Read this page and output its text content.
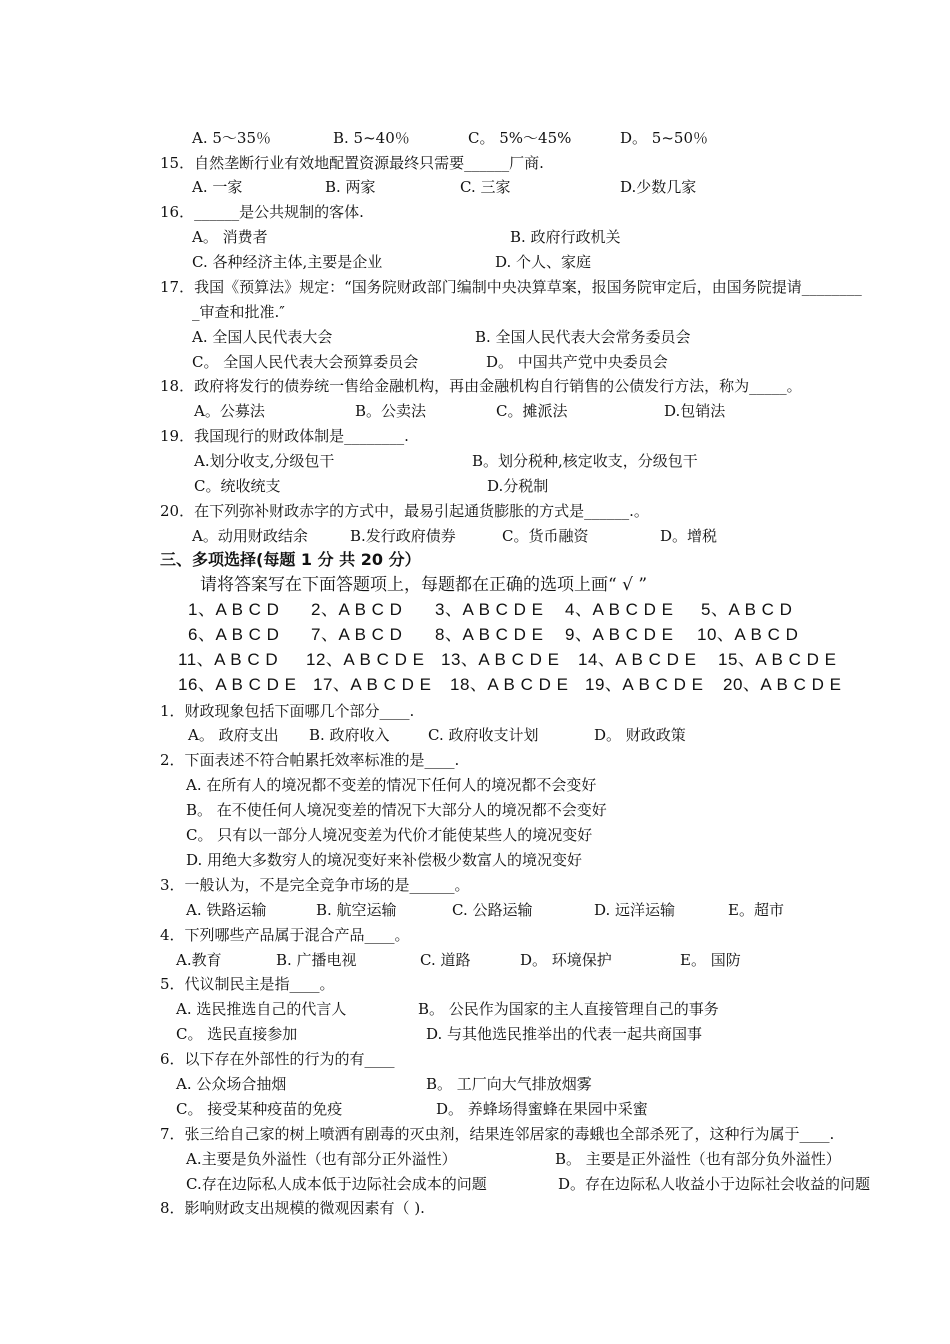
A. 5～35％	B. 5~40％	C。 5%～45%	D。 5~50％
15．自然垄断行业有效地配置资源最终只需要______厂商.
A. 一家	B. 两家	C. 三家	D.少数几家
16．______是公共规制的客体.
A。 消费者	B. 政府行政机关
C. 各种经济主体,主要是企业	D. 个人、家庭
17．我国《预算法》规定：“国务院财政部门编制中央决算草案，报国务院审定后，由国务院提请________
_审查和批准.″
A. 全国人民代表大会	B. 全国人民代表大会常务委员会
C。 全国人民代表大会预算委员会	D。 中国共产党中央委员会
18．政府将发行的债券统一售给金融机构，再由金融机构自行销售的公债发行方法，称为_____。
A。公募法	B。公卖法	C。摊派法	D.包销法
19．我国现行的财政体制是________.
A.划分收支,分级包干	B。划分税种,核定收支，分级包干
C。统收统支	D.分税制
20．在下列弥补财政赤字的方式中，最易引起通货膨胀的方式是______.。
A。动用财政结余	B.发行政府债券	C。货币融资	D。增税
三、多项选择(每题 1 分 共 20 分）
请将答案写在下面答题项上，每题都在正确的选项上画“ √ ”
1、A B C D 2、A B C D 3、A B C D E 4、A B C D E 5、A B C D
6、A B C D 7、A B C D 8、A B C D E 9、A B C D E 10、A B C D
11、A B C D 12、A B C D E 13、A B C D E 14、A B C D E 15、A B C D E
16、A B C D E 17、A B C D E 18、A B C D E 19、A B C D E 20、A B C D E
1．财政现象包括下面哪几个部分____.
A。 政府支出 B. 政府收入	C. 政府收支计划	D。 财政政策
2．下面表述不符合帕累托效率标准的是____.
A. 在所有人的境况都不变差的情况下任何人的境况都不会变好
B。 在不使任何人境况变差的情况下大部分人的境况都不会变好
C。 只有以一部分人境况变差为代价才能使某些人的境况变好
D. 用绝大多数穷人的境况变好来补偿极少数富人的境况变好
3．一般认为，不是完全竞争市场的是______。
A. 铁路运输	B. 航空运输	C. 公路运输	D. 远洋运输	E。超市
4．下列哪些产品属于混合产品____。
A.教育	B. 广播电视	C. 道路	D。 环境保护	E。 国防
5．代议制民主是指____。
A. 选民推选自己的代言人	B。 公民作为国家的主人直接管理自己的事务
C。 选民直接参加	D. 与其他选民推举出的代表一起共商国事
6．以下存在外部性的行为的有____
A. 公众场合抽烟	B。 工厂向大气排放烟雾
C。 接受某种疫苗的免疫	D。 养蜂场得蜜蜂在果园中采蜜
7．张三给自己家的树上喷洒有剧毒的灭虫剂，结果连邻居家的毒蛾也全部杀死了，这种行为属于____.
A.主要是负外溢性（也有部分正外溢性）	B。 主要是正外溢性（也有部分负外溢性）
C.存在边际私人成本低于边际社会成本的问题	D。存在边际私人收益小于边际社会收益的问题
8．影响财政支出规模的微观因素有（ ).
